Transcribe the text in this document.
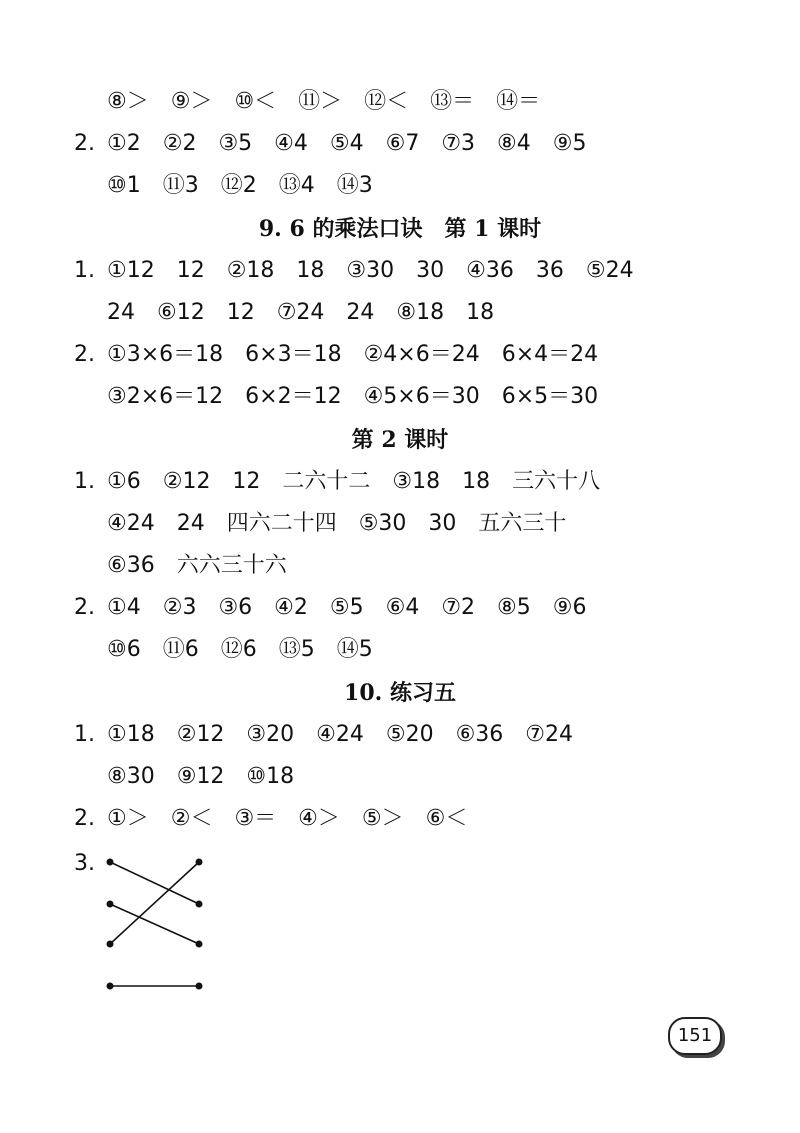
⑧＞　⑨＞　⑩＜　⑪＞　⑫＜　⑬＝　⑭＝

2.

①2　②2　③5　④4　⑤4　⑥7　⑦3　⑧4　⑨5

⑩1　⑪3　⑫2　⑬4　⑭3

9. 6 的乘法口诀　第 1 课时

1.

①12　12　②18　18　③30　30　④36　36　⑤24

24　⑥12　12　⑦24　24　⑧18　18

2.

①3×6＝18　6×3＝18　②4×6＝24　6×4＝24

③2×6＝12　6×2＝12　④5×6＝30　6×5＝30

第 2 课时

1.

①6　②12　12　二六十二　③18　18　三六十八

④24　24　四六二十四　⑤30　30　五六三十

⑥36　六六三十六

2.

①4　②3　③6　④2　⑤5　⑥4　⑦2　⑧5　⑨6

⑩6　⑪6　⑫6　⑬5　⑭5

10. 练习五

1.

①18　②12　③20　④24　⑤20　⑥36　⑦24

⑧30　⑨12　⑩18

2.

①＞　②＜　③＝　④＞　⑤＞　⑥＜

3.

151
